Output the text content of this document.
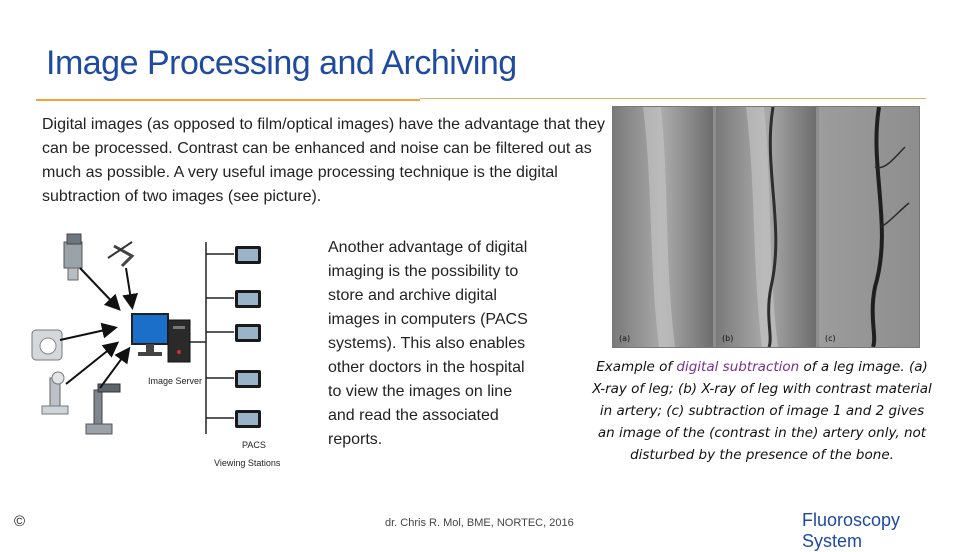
Image Processing and Archiving

Digital images (as opposed to film/optical images) have the advantage that they can be processed. Contrast can be enhanced and noise can be filtered out as much as possible. A very useful image processing technique is the digital subtraction of two images (see picture).

Image Server
PACS
Viewing Stations

Another advantage of digital imaging is the possibility to store and archive digital images in computers (PACS systems). This also enables other doctors in the hospital to view the images on line and read the associated reports.

(a)	(b)	(c)

Example of digital subtraction of a leg image. (a) X-ray of leg; (b) X-ray of leg with contrast material in artery; (c) subtraction of image 1 and 2 gives an image of the (contrast in the) artery only, not disturbed by the presence of the bone.

©	dr. Chris R. Mol, BME, NORTEC, 2016	Fluoroscopy System
